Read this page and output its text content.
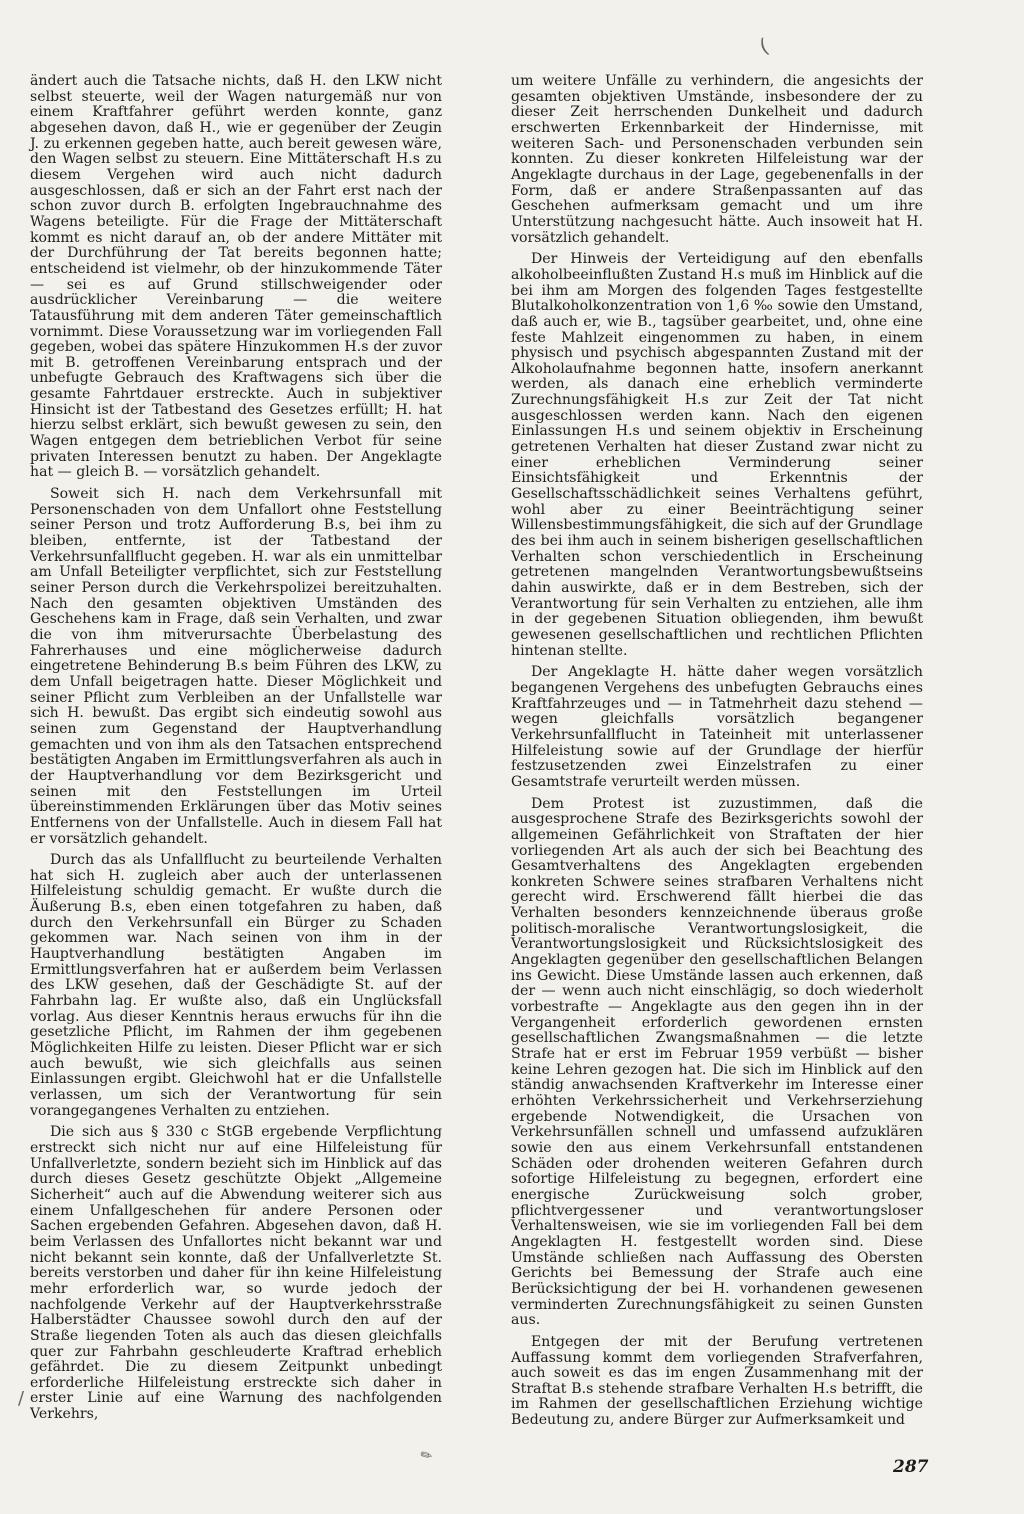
(

ändert auch die Tatsache nichts, daß H. den LKW nicht selbst steuerte, weil der Wagen naturgemäß nur von einem Kraftfahrer geführt werden konnte, ganz abgesehen davon, daß H., wie er gegenüber der Zeugin J. zu erkennen gegeben hatte, auch bereit gewesen wäre, den Wagen selbst zu steuern. Eine Mittäterschaft H.s zu diesem Vergehen wird auch nicht dadurch ausgeschlossen, daß er sich an der Fahrt erst nach der schon zuvor durch B. erfolgten Ingebrauchnahme des Wagens beteiligte. Für die Frage der Mittäterschaft kommt es nicht darauf an, ob der andere Mittäter mit der Durchführung der Tat bereits begonnen hatte; entscheidend ist vielmehr, ob der hinzukommende Täter — sei es auf Grund stillschweigender oder ausdrücklicher Vereinbarung — die weitere Tatausführung mit dem anderen Täter gemeinschaftlich vornimmt. Diese Voraussetzung war im vorliegenden Fall gegeben, wobei das spätere Hinzukommen H.s der zuvor mit B. getroffenen Vereinbarung entsprach und der unbefugte Gebrauch des Kraftwagens sich über die gesamte Fahrtdauer erstreckte. Auch in subjektiver Hinsicht ist der Tatbestand des Gesetzes erfüllt; H. hat hierzu selbst erklärt, sich bewußt gewesen zu sein, den Wagen entgegen dem betrieblichen Verbot für seine privaten Interessen benutzt zu haben. Der Angeklagte hat — gleich B. — vorsätzlich gehandelt.

Soweit sich H. nach dem Verkehrsunfall mit Personenschaden von dem Unfallort ohne Feststellung seiner Person und trotz Aufforderung B.s, bei ihm zu bleiben, entfernte, ist der Tatbestand der Verkehrsunfallflucht gegeben. H. war als ein unmittelbar am Unfall Beteiligter verpflichtet, sich zur Feststellung seiner Person durch die Verkehrspolizei bereitzuhalten. Nach den gesamten objektiven Umständen des Geschehens kam in Frage, daß sein Verhalten, und zwar die von ihm mitverursachte Überbelastung des Fahrerhauses und eine möglicherweise dadurch eingetretene Behinderung B.s beim Führen des LKW, zu dem Unfall beigetragen hatte. Dieser Möglichkeit und seiner Pflicht zum Verbleiben an der Unfallstelle war sich H. bewußt. Das ergibt sich eindeutig sowohl aus seinen zum Gegenstand der Hauptverhandlung gemachten und von ihm als den Tatsachen entsprechend bestätigten Angaben im Ermittlungsverfahren als auch in der Hauptverhandlung vor dem Bezirksgericht und seinen mit den Feststellungen im Urteil übereinstimmenden Erklärungen über das Motiv seines Entfernens von der Unfallstelle. Auch in diesem Fall hat er vorsätzlich gehandelt.

Durch das als Unfallflucht zu beurteilende Verhalten hat sich H. zugleich aber auch der unterlassenen Hilfeleistung schuldig gemacht. Er wußte durch die Äußerung B.s, eben einen totgefahren zu haben, daß durch den Verkehrsunfall ein Bürger zu Schaden gekommen war. Nach seinen von ihm in der Hauptverhandlung bestätigten Angaben im Ermittlungsverfahren hat er außerdem beim Verlassen des LKW gesehen, daß der Geschädigte St. auf der Fahrbahn lag. Er wußte also, daß ein Unglücksfall vorlag. Aus dieser Kenntnis heraus erwuchs für ihn die gesetzliche Pflicht, im Rahmen der ihm gegebenen Möglichkeiten Hilfe zu leisten. Dieser Pflicht war er sich auch bewußt, wie sich gleichfalls aus seinen Einlassungen ergibt. Gleichwohl hat er die Unfallstelle verlassen, um sich der Verantwortung für sein vorangegangenes Verhalten zu entziehen.

Die sich aus § 330 c StGB ergebende Verpflichtung erstreckt sich nicht nur auf eine Hilfeleistung für Unfallverletzte, sondern bezieht sich im Hinblick auf das durch dieses Gesetz geschützte Objekt „Allgemeine Sicherheit“ auch auf die Abwendung weiterer sich aus einem Unfallgeschehen für andere Personen oder Sachen ergebenden Gefahren. Abgesehen davon, daß H. beim Verlassen des Unfallortes nicht bekannt war und nicht bekannt sein konnte, daß der Unfallverletzte St. bereits verstorben und daher für ihn keine Hilfeleistung mehr erforderlich war, so wurde jedoch der nachfolgende Verkehr auf der Hauptverkehrsstraße Halberstädter Chaussee sowohl durch den auf der Straße liegenden Toten als auch das diesen gleichfalls quer zur Fahrbahn geschleuderte Kraftrad erheblich gefährdet. Die zu diesem Zeitpunkt unbedingt erforderliche Hilfeleistung erstreckte sich daher in erster Linie auf eine Warnung des nachfolgenden Verkehrs,

um weitere Unfälle zu verhindern, die angesichts der gesamten objektiven Umstände, insbesondere der zu dieser Zeit herrschenden Dunkelheit und dadurch erschwerten Erkennbarkeit der Hindernisse, mit weiteren Sach- und Personenschaden verbunden sein konnten. Zu dieser konkreten Hilfeleistung war der Angeklagte durchaus in der Lage, gegebenenfalls in der Form, daß er andere Straßenpassanten auf das Geschehen aufmerksam gemacht und um ihre Unterstützung nachgesucht hätte. Auch insoweit hat H. vorsätzlich gehandelt.

Der Hinweis der Verteidigung auf den ebenfalls alkoholbeeinflußten Zustand H.s muß im Hinblick auf die bei ihm am Morgen des folgenden Tages festgestellte Blutalkoholkonzentration von 1,6 ‰ sowie den Umstand, daß auch er, wie B., tagsüber gearbeitet, und, ohne eine feste Mahlzeit eingenommen zu haben, in einem physisch und psychisch abgespannten Zustand mit der Alkoholaufnahme begonnen hatte, insofern anerkannt werden, als danach eine erheblich verminderte Zurechnungsfähigkeit H.s zur Zeit der Tat nicht ausgeschlossen werden kann. Nach den eigenen Einlassungen H.s und seinem objektiv in Erscheinung getretenen Verhalten hat dieser Zustand zwar nicht zu einer erheblichen Verminderung seiner Einsichtsfähigkeit und Erkenntnis der Gesellschaftsschädlichkeit seines Verhaltens geführt, wohl aber zu einer Beeinträchtigung seiner Willensbestimmungsfähigkeit, die sich auf der Grundlage des bei ihm auch in seinem bisherigen gesellschaftlichen Verhalten schon verschiedentlich in Erscheinung getretenen mangelnden Verantwortungsbewußtseins dahin auswirkte, daß er in dem Bestreben, sich der Verantwortung für sein Verhalten zu entziehen, alle ihm in der gegebenen Situation obliegenden, ihm bewußt gewesenen gesellschaftlichen und rechtlichen Pflichten hintenan stellte.

Der Angeklagte H. hätte daher wegen vorsätzlich begangenen Vergehens des unbefugten Gebrauchs eines Kraftfahrzeuges und — in Tatmehrheit dazu stehend — wegen gleichfalls vorsätzlich begangener Verkehrsunfallflucht in Tateinheit mit unterlassener Hilfeleistung sowie auf der Grundlage der hierfür festzusetzenden zwei Einzelstrafen zu einer Gesamtstrafe verurteilt werden müssen.

Dem Protest ist zuzustimmen, daß die ausgesprochene Strafe des Bezirksgerichts sowohl der allgemeinen Gefährlichkeit von Straftaten der hier vorliegenden Art als auch der sich bei Beachtung des Gesamtverhaltens des Angeklagten ergebenden konkreten Schwere seines strafbaren Verhaltens nicht gerecht wird. Erschwerend fällt hierbei die das Verhalten besonders kennzeichnende überaus große politisch-moralische Verantwortungslosigkeit, die Verantwortungslosigkeit und Rücksichtslosigkeit des Angeklagten gegenüber den gesellschaftlichen Belangen ins Gewicht. Diese Umstände lassen auch erkennen, daß der — wenn auch nicht einschlägig, so doch wiederholt vorbestrafte — Angeklagte aus den gegen ihn in der Vergangenheit erforderlich gewordenen ernsten gesellschaftlichen Zwangsmaßnahmen — die letzte Strafe hat er erst im Februar 1959 verbüßt — bisher keine Lehren gezogen hat. Die sich im Hinblick auf den ständig anwachsenden Kraftverkehr im Interesse einer erhöhten Verkehrssicherheit und Verkehrserziehung ergebende Notwendigkeit, die Ursachen von Verkehrsunfällen schnell und umfassend aufzuklären sowie den aus einem Verkehrsunfall entstandenen Schäden oder drohenden weiteren Gefahren durch sofortige Hilfeleistung zu begegnen, erfordert eine energische Zurückweisung solch grober, pflichtvergessener und verantwortungsloser Verhaltensweisen, wie sie im vorliegenden Fall bei dem Angeklagten H. festgestellt worden sind. Diese Umstände schließen nach Auffassung des Obersten Gerichts bei Bemessung der Strafe auch eine Berücksichtigung der bei H. vorhandenen gewesenen verminderten Zurechnungsfähigkeit zu seinen Gunsten aus.

Entgegen der mit der Berufung vertretenen Auffassung kommt dem vorliegenden Strafverfahren, auch soweit es das im engen Zusammenhang mit der Straftat B.s stehende strafbare Verhalten H.s betrifft, die im Rahmen der gesellschaftlichen Erziehung wichtige Bedeutung zu, andere Bürger zur Aufmerksamkeit und

/
✎
287
